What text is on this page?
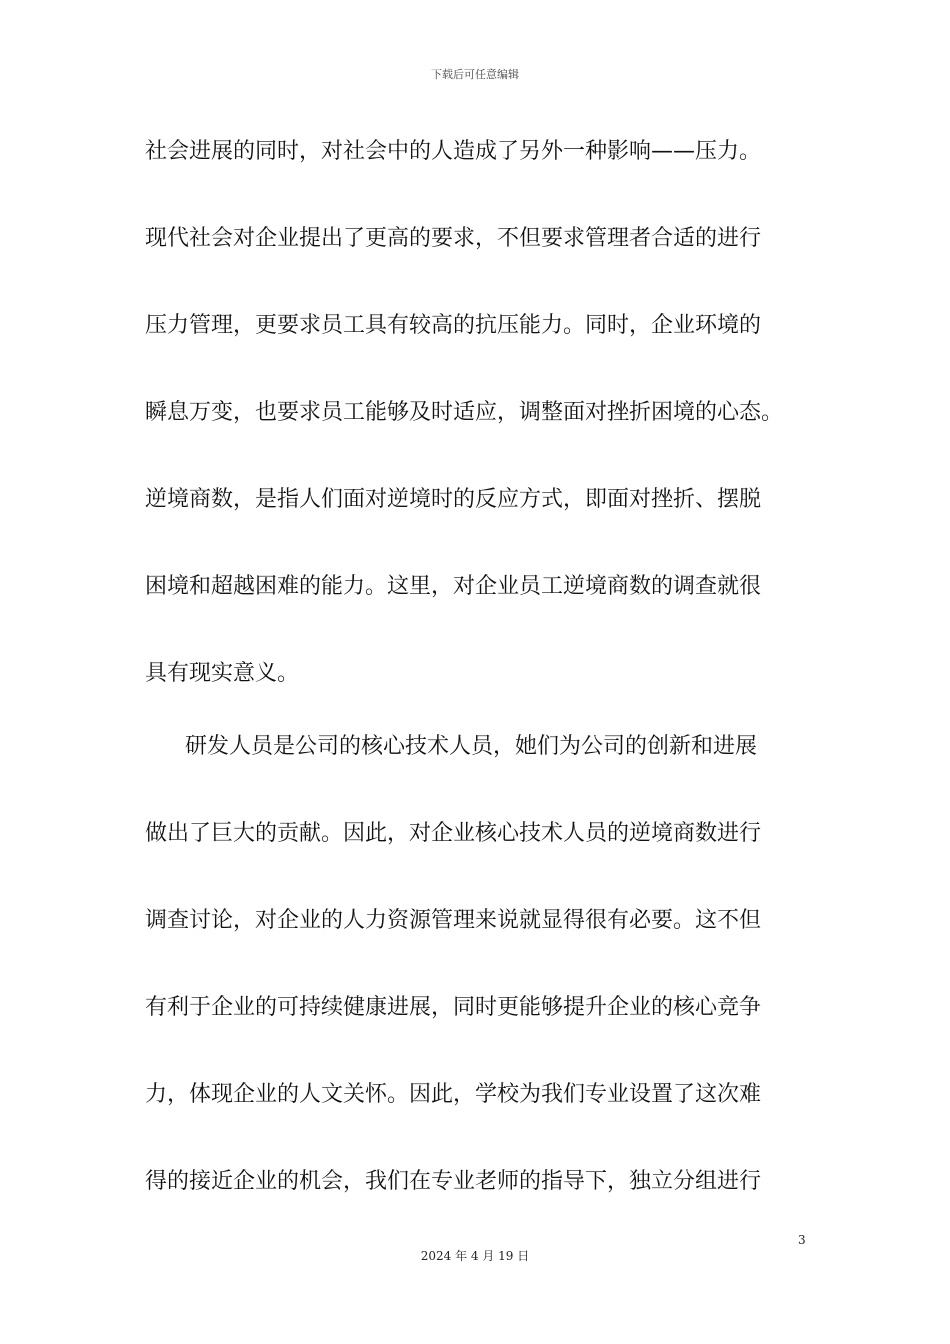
下载后可任意编辑
社会进展的同时，对社会中的人造成了另外一种影响——压力。
现代社会对企业提出了更高的要求，不但要求管理者合适的进行
压力管理，更要求员工具有较高的抗压能力。同时，企业环境的
瞬息万变，也要求员工能够及时适应，调整面对挫折困境的心态。
逆境商数，是指人们面对逆境时的反应方式，即面对挫折、摆脱
困境和超越困难的能力。这里，对企业员工逆境商数的调查就很
具有现实意义。
研发人员是公司的核心技术人员，她们为公司的创新和进展
做出了巨大的贡献。因此，对企业核心技术人员的逆境商数进行
调查讨论，对企业的人力资源管理来说就显得很有必要。这不但
有利于企业的可持续健康进展，同时更能够提升企业的核心竞争
力，体现企业的人文关怀。因此，学校为我们专业设置了这次难
得的接近企业的机会，我们在专业老师的指导下，独立分组进行
3
2024 年 4 月 19 日
